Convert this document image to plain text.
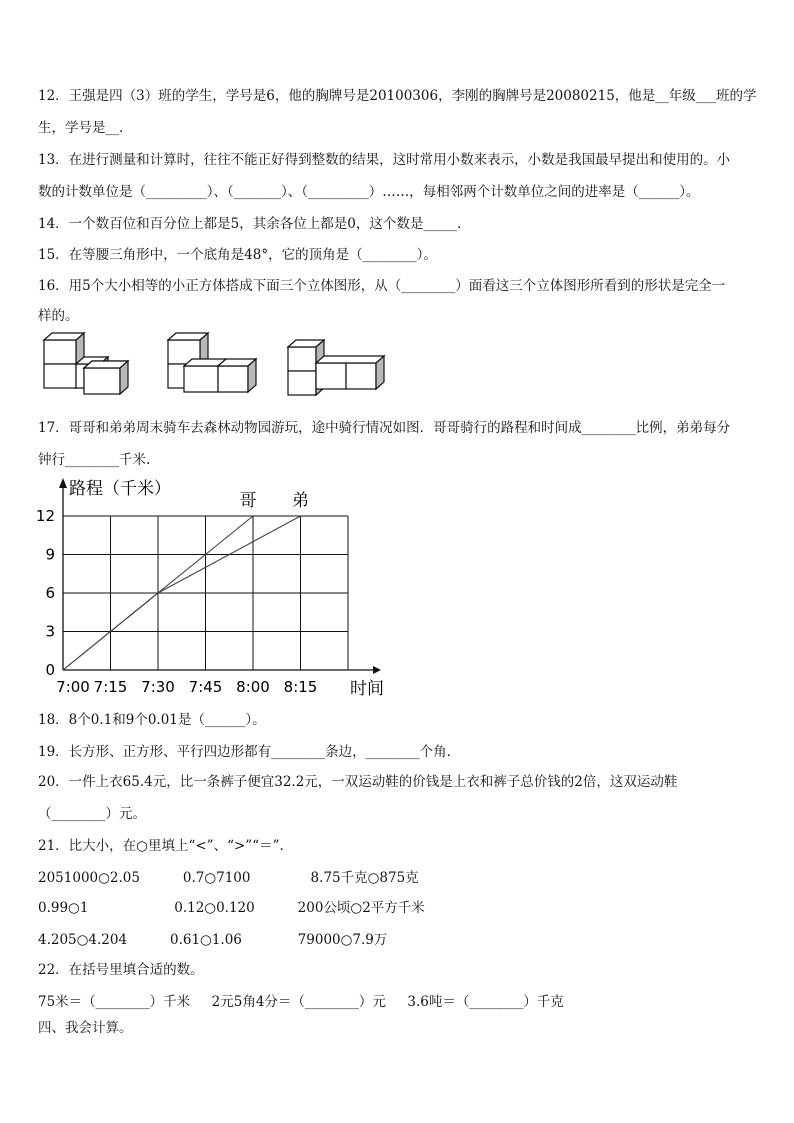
12．王强是四（3）班的学生，学号是6，他的胸牌号是20100306，李刚的胸牌号是20080215，他是__年级___班的学
生，学号是__.
13．在进行测量和计算时，往往不能正好得到整数的结果，这时常用小数来表示，小数是我国最早提出和使用的。小
数的计数单位是（_________）、（_______）、（_________）……，每相邻两个计数单位之间的进率是（______）。
14．一个数百位和百分位上都是5，其余各位上都是0，这个数是_____．
15．在等腰三角形中，一个底角是48°，它的顶角是（________）。
16．用5个大小相等的小正方体搭成下面三个立体图形，从（________）面看这三个立体图形所看到的形状是完全一
样的。
17．哥哥和弟弟周末骑车去森林动物园游玩，途中骑行情况如图．哥哥骑行的路程和时间成________比例，弟弟每分
钟行________千米.
0
3
6
9
12
7:00 7:15 7:30 7:45 8:00 8:15
路程（千米）
时间
哥 弟
18．8个0.1和9个0.01是（______）。
19．长方形、正方形、平行四边形都有________条边，________个角．
20．一件上衣65.4元，比一条裤子便宜32.2元，一双运动鞋的价钱是上衣和裤子总价钱的2倍，这双运动鞋
（________）元。
21．比大小，在○里填上“<”、“>”“＝”.
2051000○2.05          0.7○7100              8.75千克○875克
0.99○1                    0.12○0.120          200公顷○2平方千米
4.205○4.204          0.61○1.06             79000○7.9万
22．在括号里填合适的数。
75米＝（________）千米     2元5角4分＝（________）元     3.6吨＝（________）千克
四、我会计算。
